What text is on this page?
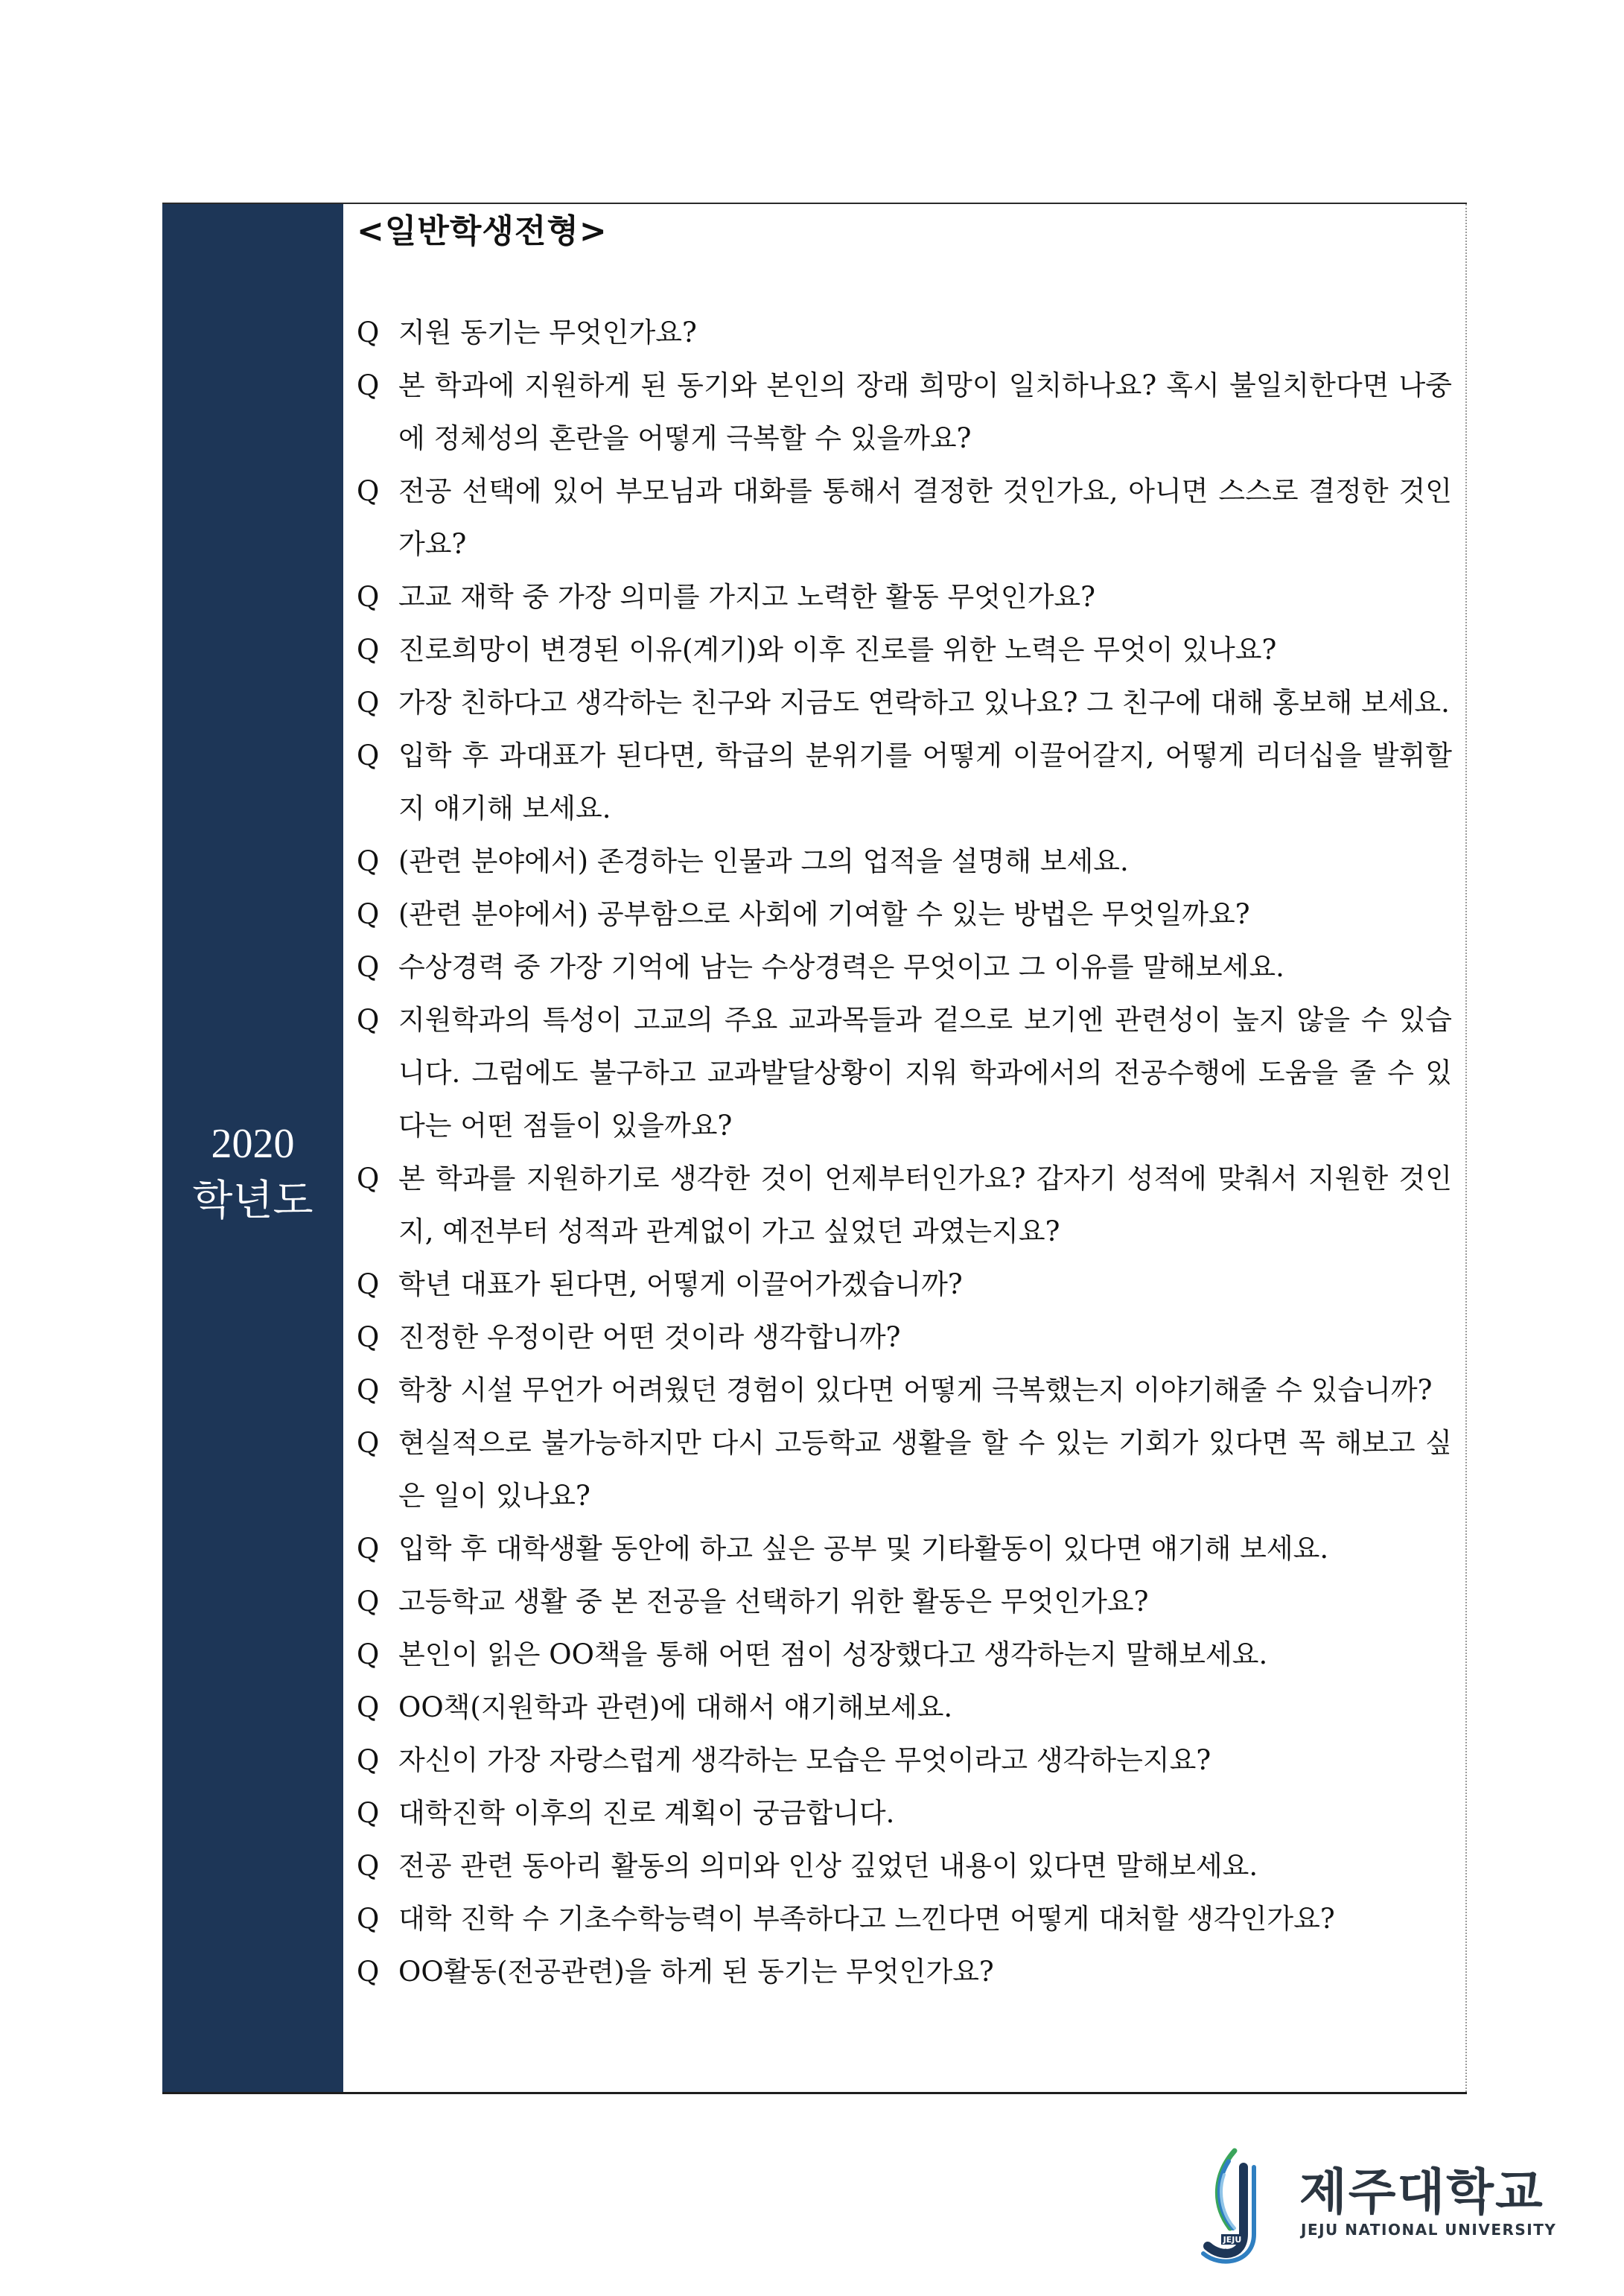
2020
학년도
<일반학생전형>
Q 지원 동기는 무엇인가요?
Q 본 학과에 지원하게 된 동기와 본인의 장래 희망이 일치하나요? 혹시 불일치한다면 나중에 정체성의 혼란을 어떻게 극복할 수 있을까요?
Q 전공 선택에 있어 부모님과 대화를 통해서 결정한 것인가요, 아니면 스스로 결정한 것인가요?
Q 고교 재학 중 가장 의미를 가지고 노력한 활동 무엇인가요?
Q 진로희망이 변경된 이유(계기)와 이후 진로를 위한 노력은 무엇이 있나요?
Q 가장 친하다고 생각하는 친구와 지금도 연락하고 있나요? 그 친구에 대해 홍보해 보세요.
Q 입학 후 과대표가 된다면, 학급의 분위기를 어떻게 이끌어갈지, 어떻게 리더십을 발휘할지 얘기해 보세요.
Q (관련 분야에서) 존경하는 인물과 그의 업적을 설명해 보세요.
Q (관련 분야에서) 공부함으로 사회에 기여할 수 있는 방법은 무엇일까요?
Q 수상경력 중 가장 기억에 남는 수상경력은 무엇이고 그 이유를 말해보세요.
Q 지원학과의 특성이 고교의 주요 교과목들과 겉으로 보기엔 관련성이 높지 않을 수 있습니다. 그럼에도 불구하고 교과발달상황이 지워 학과에서의 전공수행에 도움을 줄 수 있다는 어떤 점들이 있을까요?
Q 본 학과를 지원하기로 생각한 것이 언제부터인가요? 갑자기 성적에 맞춰서 지원한 것인지, 예전부터 성적과 관계없이 가고 싶었던 과였는지요?
Q 학년 대표가 된다면, 어떻게 이끌어가겠습니까?
Q 진정한 우정이란 어떤 것이라 생각합니까?
Q 학창 시설 무언가 어려웠던 경험이 있다면 어떻게 극복했는지 이야기해줄 수 있습니까?
Q 현실적으로 불가능하지만 다시 고등학교 생활을 할 수 있는 기회가 있다면 꼭 해보고 싶은 일이 있나요?
Q 입학 후 대학생활 동안에 하고 싶은 공부 및 기타활동이 있다면 얘기해 보세요.
Q 고등학교 생활 중 본 전공을 선택하기 위한 활동은 무엇인가요?
Q 본인이 읽은 OO책을 통해 어떤 점이 성장했다고 생각하는지 말해보세요.
Q OO책(지원학과 관련)에 대해서 얘기해보세요.
Q 자신이 가장 자랑스럽게 생각하는 모습은 무엇이라고 생각하는지요?
Q 대학진학 이후의 진로 계획이 궁금합니다.
Q 전공 관련 동아리 활동의 의미와 인상 깊었던 내용이 있다면 말해보세요.
Q 대학 진학 수 기초수학능력이 부족하다고 느낀다면 어떻게 대처할 생각인가요?
Q OO활동(전공관련)을 하게 된 동기는 무엇인가요?
JEJU
1952
제주대학교
JEJU NATIONAL UNIVERSITY
